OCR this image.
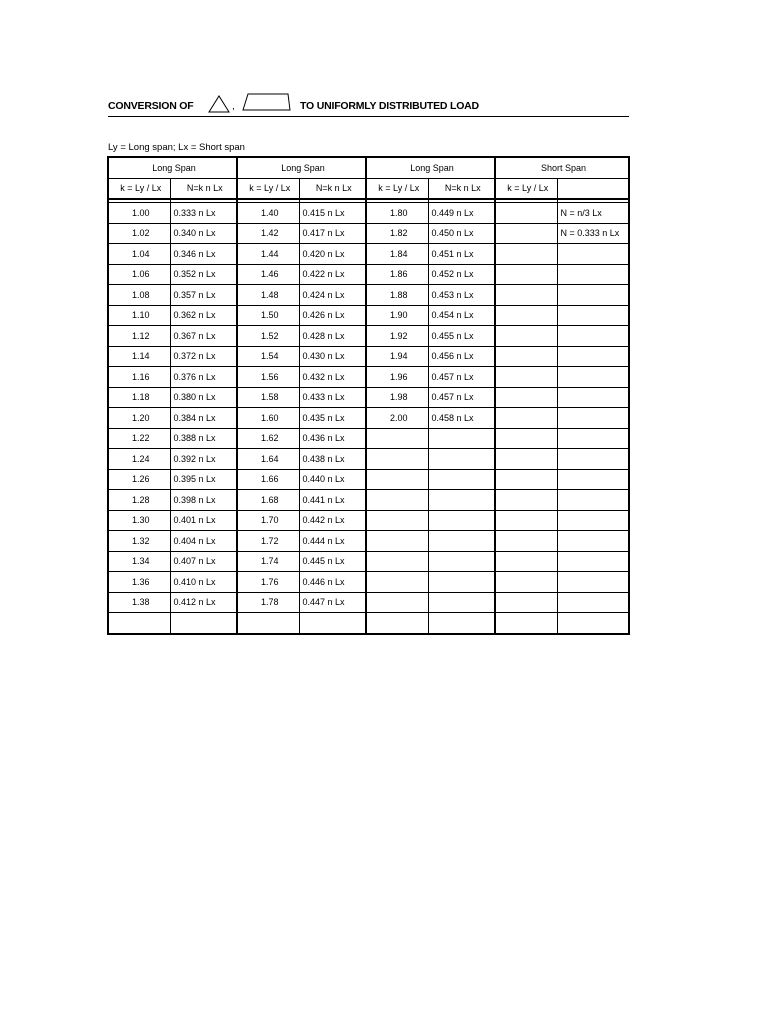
CONVERSION OF	,	TO UNIFORMLY DISTRIBUTED LOAD
Ly = Long span; Lx = Short span
Long Span		Long Span		Long Span		Short Span	
k = Ly / Lx	N=k n Lx	k = Ly / Lx	N=k n Lx	k = Ly / Lx	N=k n Lx	k = Ly / Lx	

1.00	0.333 n Lx	1.40	0.415 n Lx	1.80	0.449 n Lx		N = n/3 Lx
1.02	0.340 n Lx	1.42	0.417 n Lx	1.82	0.450 n Lx		N = 0.333 n Lx
1.04	0.346 n Lx	1.44	0.420 n Lx	1.84	0.451 n Lx		
1.06	0.352 n Lx	1.46	0.422 n Lx	1.86	0.452 n Lx		
1.08	0.357 n Lx	1.48	0.424 n Lx	1.88	0.453 n Lx		
1.10	0.362 n Lx	1.50	0.426 n Lx	1.90	0.454 n Lx		
1.12	0.367 n Lx	1.52	0.428 n Lx	1.92	0.455 n Lx		
1.14	0.372 n Lx	1.54	0.430 n Lx	1.94	0.456 n Lx		
1.16	0.376 n Lx	1.56	0.432 n Lx	1.96	0.457 n Lx		
1.18	0.380 n Lx	1.58	0.433 n Lx	1.98	0.457 n Lx		
1.20	0.384 n Lx	1.60	0.435 n Lx	2.00	0.458 n Lx		
1.22	0.388 n Lx	1.62	0.436 n Lx				
1.24	0.392 n Lx	1.64	0.438 n Lx				
1.26	0.395 n Lx	1.66	0.440 n Lx				
1.28	0.398 n Lx	1.68	0.441 n Lx				
1.30	0.401 n Lx	1.70	0.442 n Lx				
1.32	0.404 n Lx	1.72	0.444 n Lx				
1.34	0.407 n Lx	1.74	0.445 n Lx				
1.36	0.410 n Lx	1.76	0.446 n Lx				
1.38	0.412 n Lx	1.78	0.447 n Lx				
